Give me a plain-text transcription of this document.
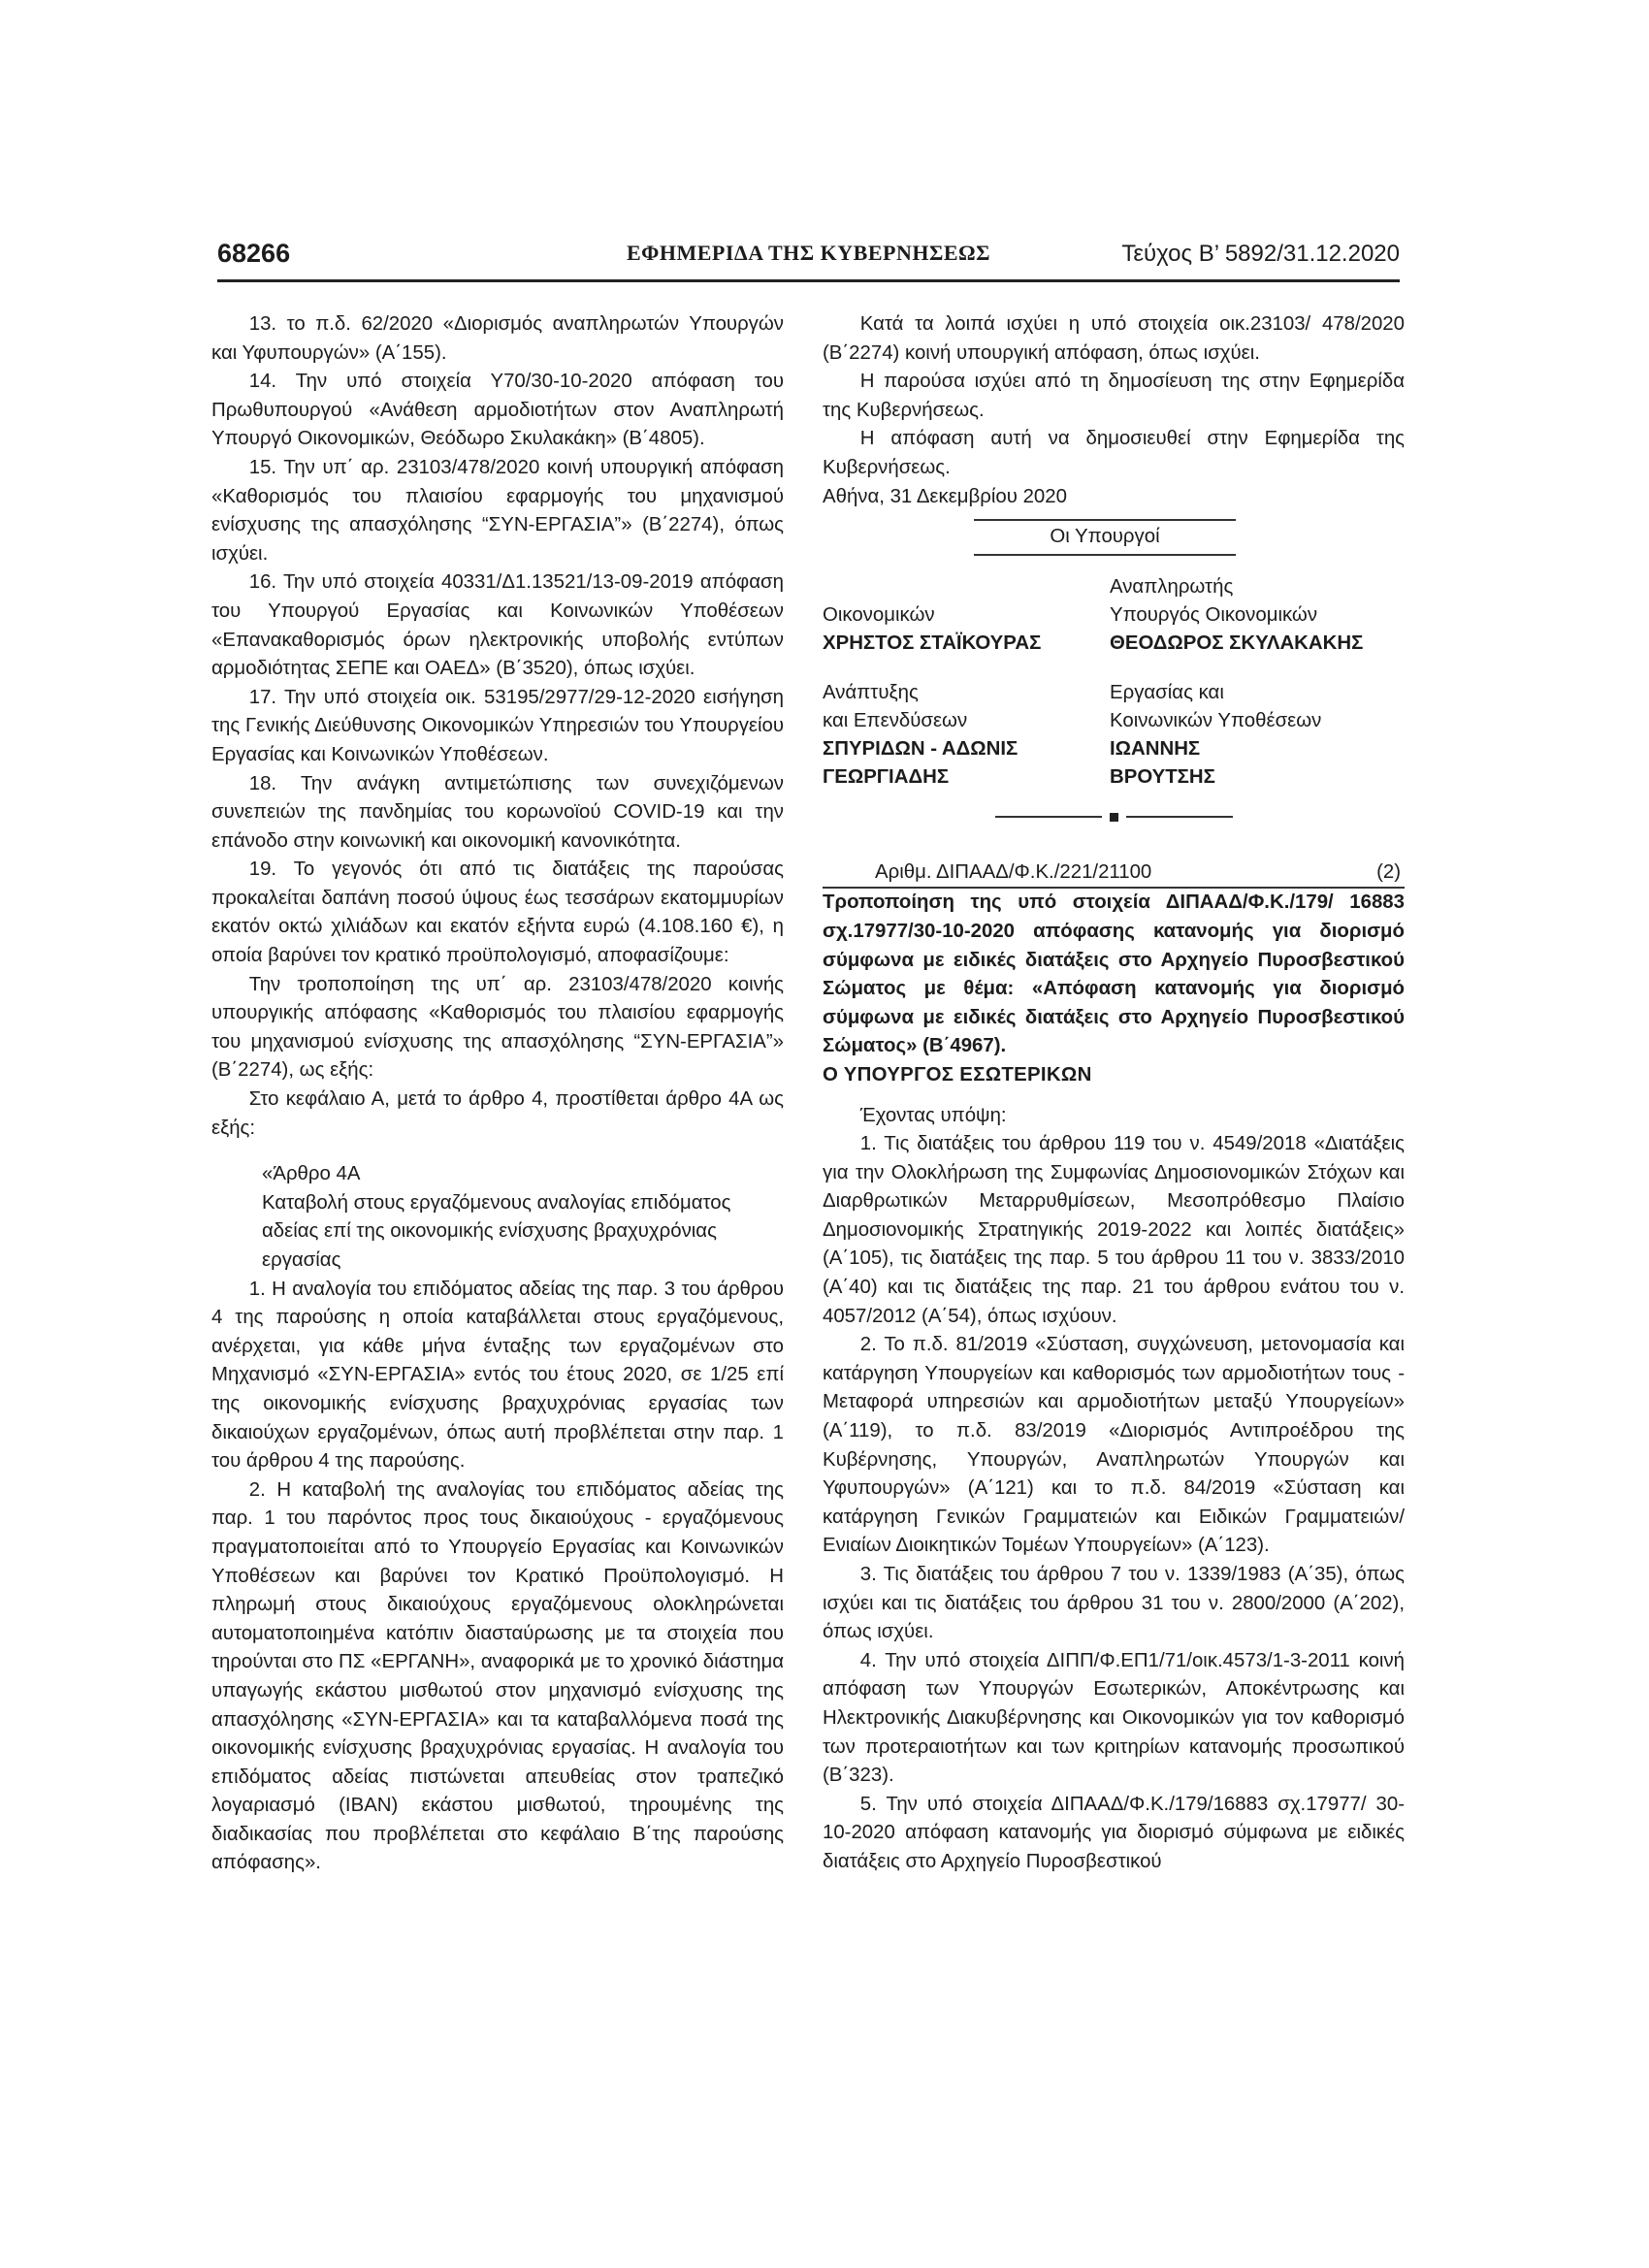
68266	ΕΦΗΜΕΡΙΔΑ ΤΗΣ ΚΥΒΕΡΝΗΣΕΩΣ	Τεύχος Β’ 5892/31.12.2020

13. το π.δ. 62/2020 «Διορισμός αναπληρωτών Υπουργών και Υφυπουργών» (Α΄155).

14. Την υπό στοιχεία Υ70/30-10-2020 απόφαση του Πρωθυπουργού «Ανάθεση αρμοδιοτήτων στον Αναπληρωτή Υπουργό Οικονομικών, Θεόδωρο Σκυλακάκη» (Β΄4805).

15. Την υπ΄ αρ. 23103/478/2020 κοινή υπουργική απόφαση «Καθορισμός του πλαισίου εφαρμογής του μηχανισμού ενίσχυσης της απασχόλησης “ΣΥΝ-ΕΡΓΑΣΙΑ”» (Β΄2274), όπως ισχύει.

16. Την υπό στοιχεία 40331/Δ1.13521/13-09-2019 απόφαση του Υπουργού Εργασίας και Κοινωνικών Υποθέσεων «Επανακαθορισμός όρων ηλεκτρονικής υποβολής εντύπων αρμοδιότητας ΣΕΠΕ και ΟΑΕΔ» (Β΄3520), όπως ισχύει.

17. Την υπό στοιχεία οικ. 53195/2977/29-12-2020 εισήγηση της Γενικής Διεύθυνσης Οικονομικών Υπηρεσιών του Υπουργείου Εργασίας και Κοινωνικών Υποθέσεων.

18. Την ανάγκη αντιμετώπισης των συνεχιζόμενων συνεπειών της πανδημίας του κορωνοϊού COVID-19 και την επάνοδο στην κοινωνική και οικονομική κανονικότητα.

19. Το γεγονός ότι από τις διατάξεις της παρούσας προκαλείται δαπάνη ποσού ύψους έως τεσσάρων εκατομμυρίων εκατόν οκτώ χιλιάδων και εκατόν εξήντα ευρώ (4.108.160 €), η οποία βαρύνει τον κρατικό προϋπολογισμό, αποφασίζουμε:

Την τροποποίηση της υπ΄ αρ. 23103/478/2020 κοινής υπουργικής απόφασης «Καθορισμός του πλαισίου εφαρμογής του μηχανισμού ενίσχυσης της απασχόλησης “ΣΥΝ-ΕΡΓΑΣΙΑ”» (Β΄2274), ως εξής:

Στο κεφάλαιο Α, μετά το άρθρο 4, προστίθεται άρθρο 4Α ως εξής:

«Άρθρο 4Α

Καταβολή στους εργαζόμενους αναλογίας επιδόματος αδείας επί της οικονομικής ενίσχυσης βραχυχρόνιας εργασίας

1. Η αναλογία του επιδόματος αδείας της παρ. 3 του άρθρου 4 της παρούσης η οποία καταβάλλεται στους εργαζόμενους, ανέρχεται, για κάθε μήνα ένταξης των εργαζομένων στο Μηχανισμό «ΣΥΝ-ΕΡΓΑΣΙΑ» εντός του έτους 2020, σε 1/25 επί της οικονομικής ενίσχυσης βραχυχρόνιας εργασίας των δικαιούχων εργαζομένων, όπως αυτή προβλέπεται στην παρ. 1 του άρθρου 4 της παρούσης.

2. Η καταβολή της αναλογίας του επιδόματος αδείας της παρ. 1 του παρόντος προς τους δικαιούχους - εργαζόμενους πραγματοποιείται από το Υπουργείο Εργασίας και Κοινωνικών Υποθέσεων και βαρύνει τον Κρατικό Προϋπολογισμό. Η πληρωμή στους δικαιούχους εργαζόμενους ολοκληρώνεται αυτοματοποιημένα κατόπιν διασταύρωσης με τα στοιχεία που τηρούνται στο ΠΣ «ΕΡΓΑΝΗ», αναφορικά με το χρονικό διάστημα υπαγωγής εκάστου μισθωτού στον μηχανισμό ενίσχυσης της απασχόλησης «ΣΥΝ-ΕΡΓΑΣΙΑ» και τα καταβαλλόμενα ποσά της οικονομικής ενίσχυσης βραχυχρόνιας εργασίας. Η αναλογία του επιδόματος αδείας πιστώνεται απευθείας στον τραπεζικό λογαριασμό (IBAN) εκάστου μισθωτού, τηρουμένης της διαδικασίας που προβλέπεται στο κεφάλαιο Β΄της παρούσης απόφασης».

Κατά τα λοιπά ισχύει η υπό στοιχεία οικ.23103/ 478/2020 (Β΄2274) κοινή υπουργική απόφαση, όπως ισχύει.

Η παρούσα ισχύει από τη δημοσίευση της στην Εφημερίδα της Κυβερνήσεως.

Η απόφαση αυτή να δημοσιευθεί στην Εφημερίδα της Κυβερνήσεως.

Αθήνα, 31 Δεκεμβρίου 2020

Οι Υπουργοί

Οικονομικών
ΧΡΗΣΤΟΣ ΣΤΑΪΚΟΥΡΑΣ
Αναπληρωτής
Υπουργός Οικονομικών
ΘΕΟΔΩΡΟΣ ΣΚΥΛΑΚΑΚΗΣ
Ανάπτυξης
και Επενδύσεων
ΣΠΥΡΙΔΩΝ - ΑΔΩΝΙΣ
ΓΕΩΡΓΙΑΔΗΣ
Εργασίας και
Κοινωνικών Υποθέσεων
ΙΩΑΝΝΗΣ
ΒΡΟΥΤΣΗΣ
Αριθμ. ΔΙΠΑΑΔ/Φ.Κ./221/21100	(2)

Τροποποίηση της υπό στοιχεία ΔΙΠΑΑΔ/Φ.Κ./179/ 16883 σχ.17977/30-10-2020 απόφασης κατανομής για διορισμό σύμφωνα με ειδικές διατάξεις στο Αρχηγείο Πυροσβεστικού Σώματος με θέμα: «Απόφαση κατανομής για διορισμό σύμφωνα με ειδικές διατάξεις στο Αρχηγείο Πυροσβεστικού Σώματος» (Β΄4967).

Ο ΥΠΟΥΡΓΟΣ ΕΣΩΤΕΡΙΚΩΝ

Έχοντας υπόψη:

1. Τις διατάξεις του άρθρου 119 του ν. 4549/2018 «Διατάξεις για την Ολοκλήρωση της Συμφωνίας Δημοσιονομικών Στόχων και Διαρθρωτικών Μεταρρυθμίσεων, Μεσοπρόθεσμο Πλαίσιο Δημοσιονομικής Στρατηγικής 2019-2022 και λοιπές διατάξεις» (Α΄105), τις διατάξεις της παρ. 5 του άρθρου 11 του ν. 3833/2010 (Α΄40) και τις διατάξεις της παρ. 21 του άρθρου ενάτου του ν. 4057/2012 (Α΄54), όπως ισχύουν.

2. Το π.δ. 81/2019 «Σύσταση, συγχώνευση, μετονομασία και κατάργηση Υπουργείων και καθορισμός των αρμοδιοτήτων τους - Μεταφορά υπηρεσιών και αρμοδιοτήτων μεταξύ Υπουργείων» (Α΄119), το π.δ. 83/2019 «Διορισμός Αντιπροέδρου της Κυβέρνησης, Υπουργών, Αναπληρωτών Υπουργών και Υφυπουργών» (Α΄121) και το π.δ. 84/2019 «Σύσταση και κατάργηση Γενικών Γραμματειών και Ειδικών Γραμματειών/Ενιαίων Διοικητικών Τομέων Υπουργείων» (Α΄123).

3. Τις διατάξεις του άρθρου 7 του ν. 1339/1983 (Α΄35), όπως ισχύει και τις διατάξεις του άρθρου 31 του ν. 2800/2000 (Α΄202), όπως ισχύει.

4. Την υπό στοιχεία ΔΙΠΠ/Φ.ΕΠ1/71/οικ.4573/1-3-2011 κοινή απόφαση των Υπουργών Εσωτερικών, Αποκέντρωσης και Ηλεκτρονικής Διακυβέρνησης και Οικονομικών για τον καθορισμό των προτεραιοτήτων και των κριτηρίων κατανομής προσωπικού (Β΄323).

5. Την υπό στοιχεία ΔΙΠΑΑΔ/Φ.Κ./179/16883 σχ.17977/ 30-10-2020 απόφαση κατανομής για διορισμό σύμφωνα με ειδικές διατάξεις στο Αρχηγείο Πυροσβεστικού
